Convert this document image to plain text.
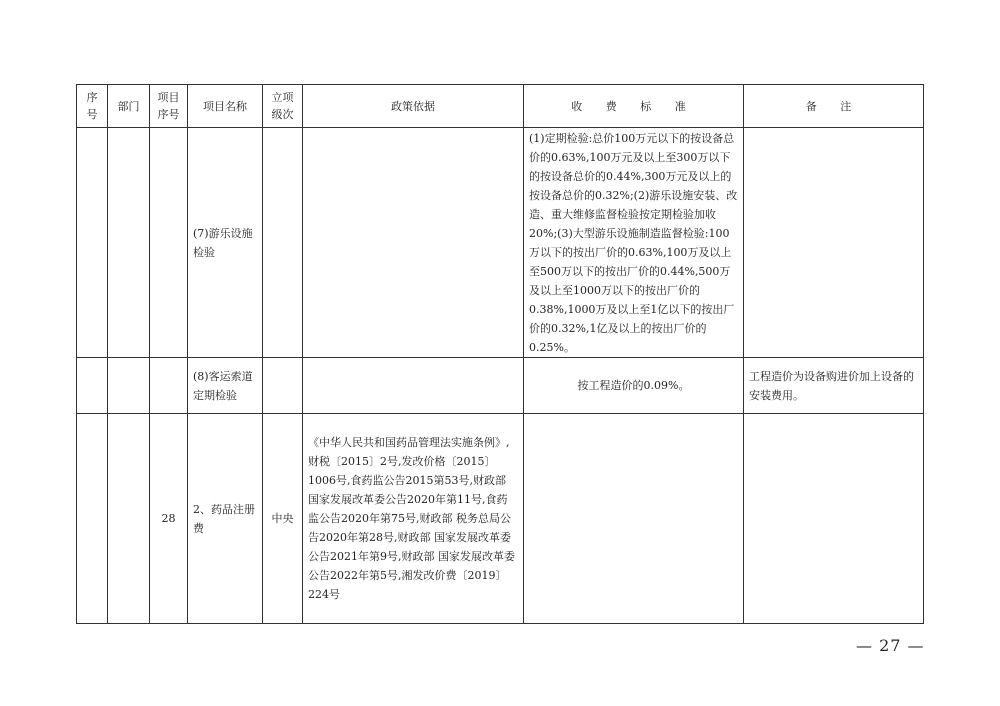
序号	部门	项目序号	项目名称	立项级次	政策依据	收 费 标 准	备 注
			(7)游乐设施检验			(1)定期检验:总价100万元以下的按设备总价的0.63%,100万元及以上至300万以下的按设备总价的0.44%,300万元及以上的按设备总价的0.32%;(2)游乐设施安装、改造、重大维修监督检验按定期检验加收20%;(3)大型游乐设施制造监督检验:100万以下的按出厂价的0.63%,100万及以上至500万以下的按出厂价的0.44%,500万及以上至1000万以下的按出厂价的0.38%,1000万及以上至1亿以下的按出厂价的0.32%,1亿及以上的按出厂价的0.25%。	
			(8)客运索道定期检验			按工程造价的0.09%。	工程造价为设备购进价加上设备的安装费用。
		28	2、药品注册费	中央	《中华人民共和国药品管理法实施条例》,财税〔2015〕2号,发改价格〔2015〕1006号,食药监公告2015第53号,财政部 国家发展改革委公告2020年第11号,食药监公告2020年第75号,财政部 税务总局公告2020年第28号,财政部 国家发展改革委公告2021年第9号,财政部 国家发展改革委公告2022年第5号,湘发改价费〔2019〕224号		
— 27 —
